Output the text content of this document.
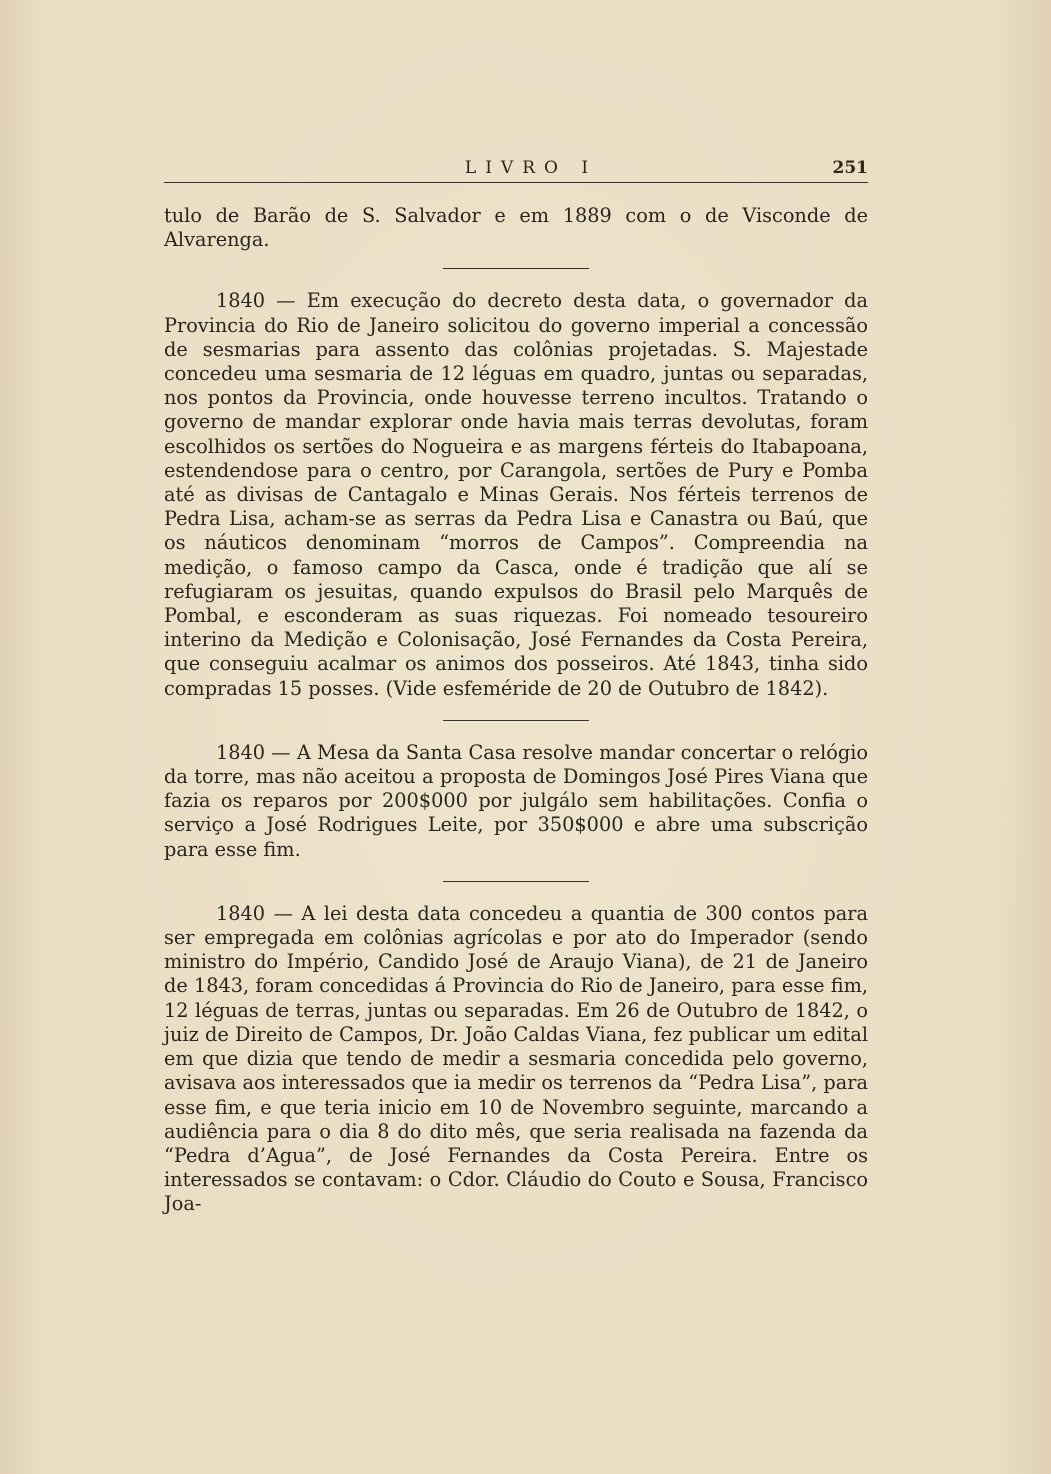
LIVRO I	251

tulo de Barão de S. Salvador e em 1889 com o de Visconde de Alvarenga.

1840 — Em execução do decreto desta data, o governador da Provincia do Rio de Janeiro solicitou do governo imperial a concessão de sesmarias para assento das colônias projetadas. S. Majestade concedeu uma sesmaria de 12 léguas em quadro, juntas ou separadas, nos pontos da Provincia, onde houvesse terreno incultos. Tratando o governo de mandar explorar onde havia mais terras devolutas, foram escolhidos os sertões do Nogueira e as margens férteis do Itabapoana, estendendose para o centro, por Carangola, sertões de Pury e Pomba até as divisas de Cantagalo e Minas Gerais. Nos férteis terrenos de Pedra Lisa, acham-se as serras da Pedra Lisa e Canastra ou Baú, que os náuticos denominam “morros de Campos”. Compreendia na medição, o famoso campo da Casca, onde é tradição que alí se refugiaram os jesuitas, quando expulsos do Brasil pelo Marquês de Pombal, e esconderam as suas riquezas. Foi nomeado tesoureiro interino da Medição e Colonisação, José Fernandes da Costa Pereira, que conseguiu acalmar os animos dos posseiros. Até 1843, tinha sido compradas 15 posses. (Vide esfeméride de 20 de Outubro de 1842).

1840 — A Mesa da Santa Casa resolve mandar concertar o relógio da torre, mas não aceitou a proposta de Domingos José Pires Viana que fazia os reparos por 200$000 por julgálo sem habilitações. Confia o serviço a José Rodrigues Leite, por 350$000 e abre uma subscrição para esse fim.

1840 — A lei desta data concedeu a quantia de 300 contos para ser empregada em colônias agrícolas e por ato do Imperador (sendo ministro do Império, Candido José de Araujo Viana), de 21 de Janeiro de 1843, foram concedidas á Provincia do Rio de Janeiro, para esse fim, 12 léguas de terras, juntas ou separadas. Em 26 de Outubro de 1842, o juiz de Direito de Campos, Dr. João Caldas Viana, fez publicar um edital em que dizia que tendo de medir a sesmaria concedida pelo governo, avisava aos interessados que ia medir os terrenos da “Pedra Lisa”, para esse fim, e que teria inicio em 10 de Novembro seguinte, marcando a audiência para o dia 8 do dito mês, que seria realisada na fazenda da “Pedra d’Agua”, de José Fernandes da Costa Pereira. Entre os interessados se contavam: o Cdor. Cláudio do Couto e Sousa, Francisco Joa-
